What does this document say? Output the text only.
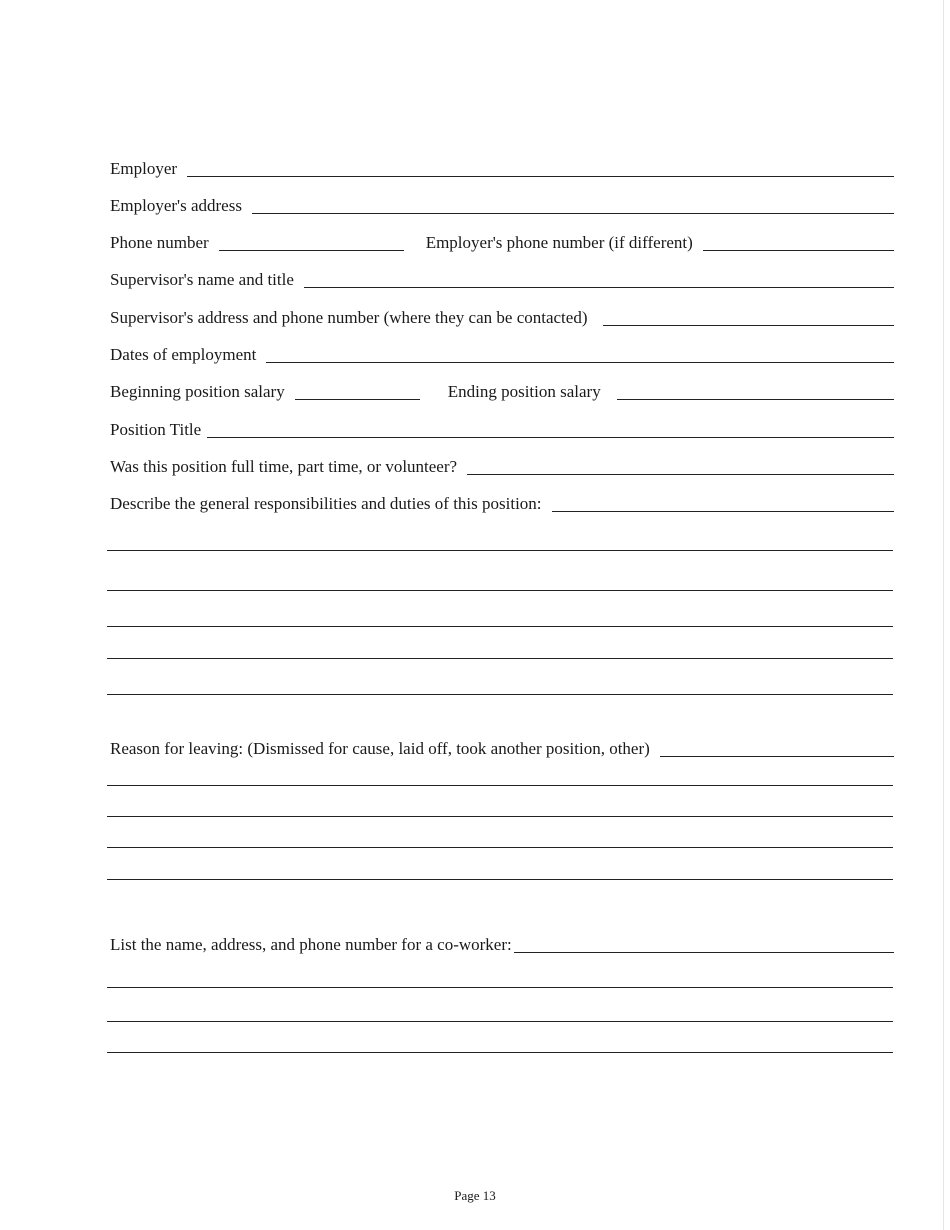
Employer
Employer's address
Phone number	Employer's phone number (if different)
Supervisor's name and title
Supervisor's address and phone number (where they can be contacted)
Dates of employment
Beginning position salary	Ending position salary
Position Title
Was this position full time, part time, or volunteer?
Describe the general responsibilities and duties of this position:
Reason for leaving: (Dismissed for cause, laid off, took another position, other)
List the name, address, and phone number for a co-worker:
Page 13
